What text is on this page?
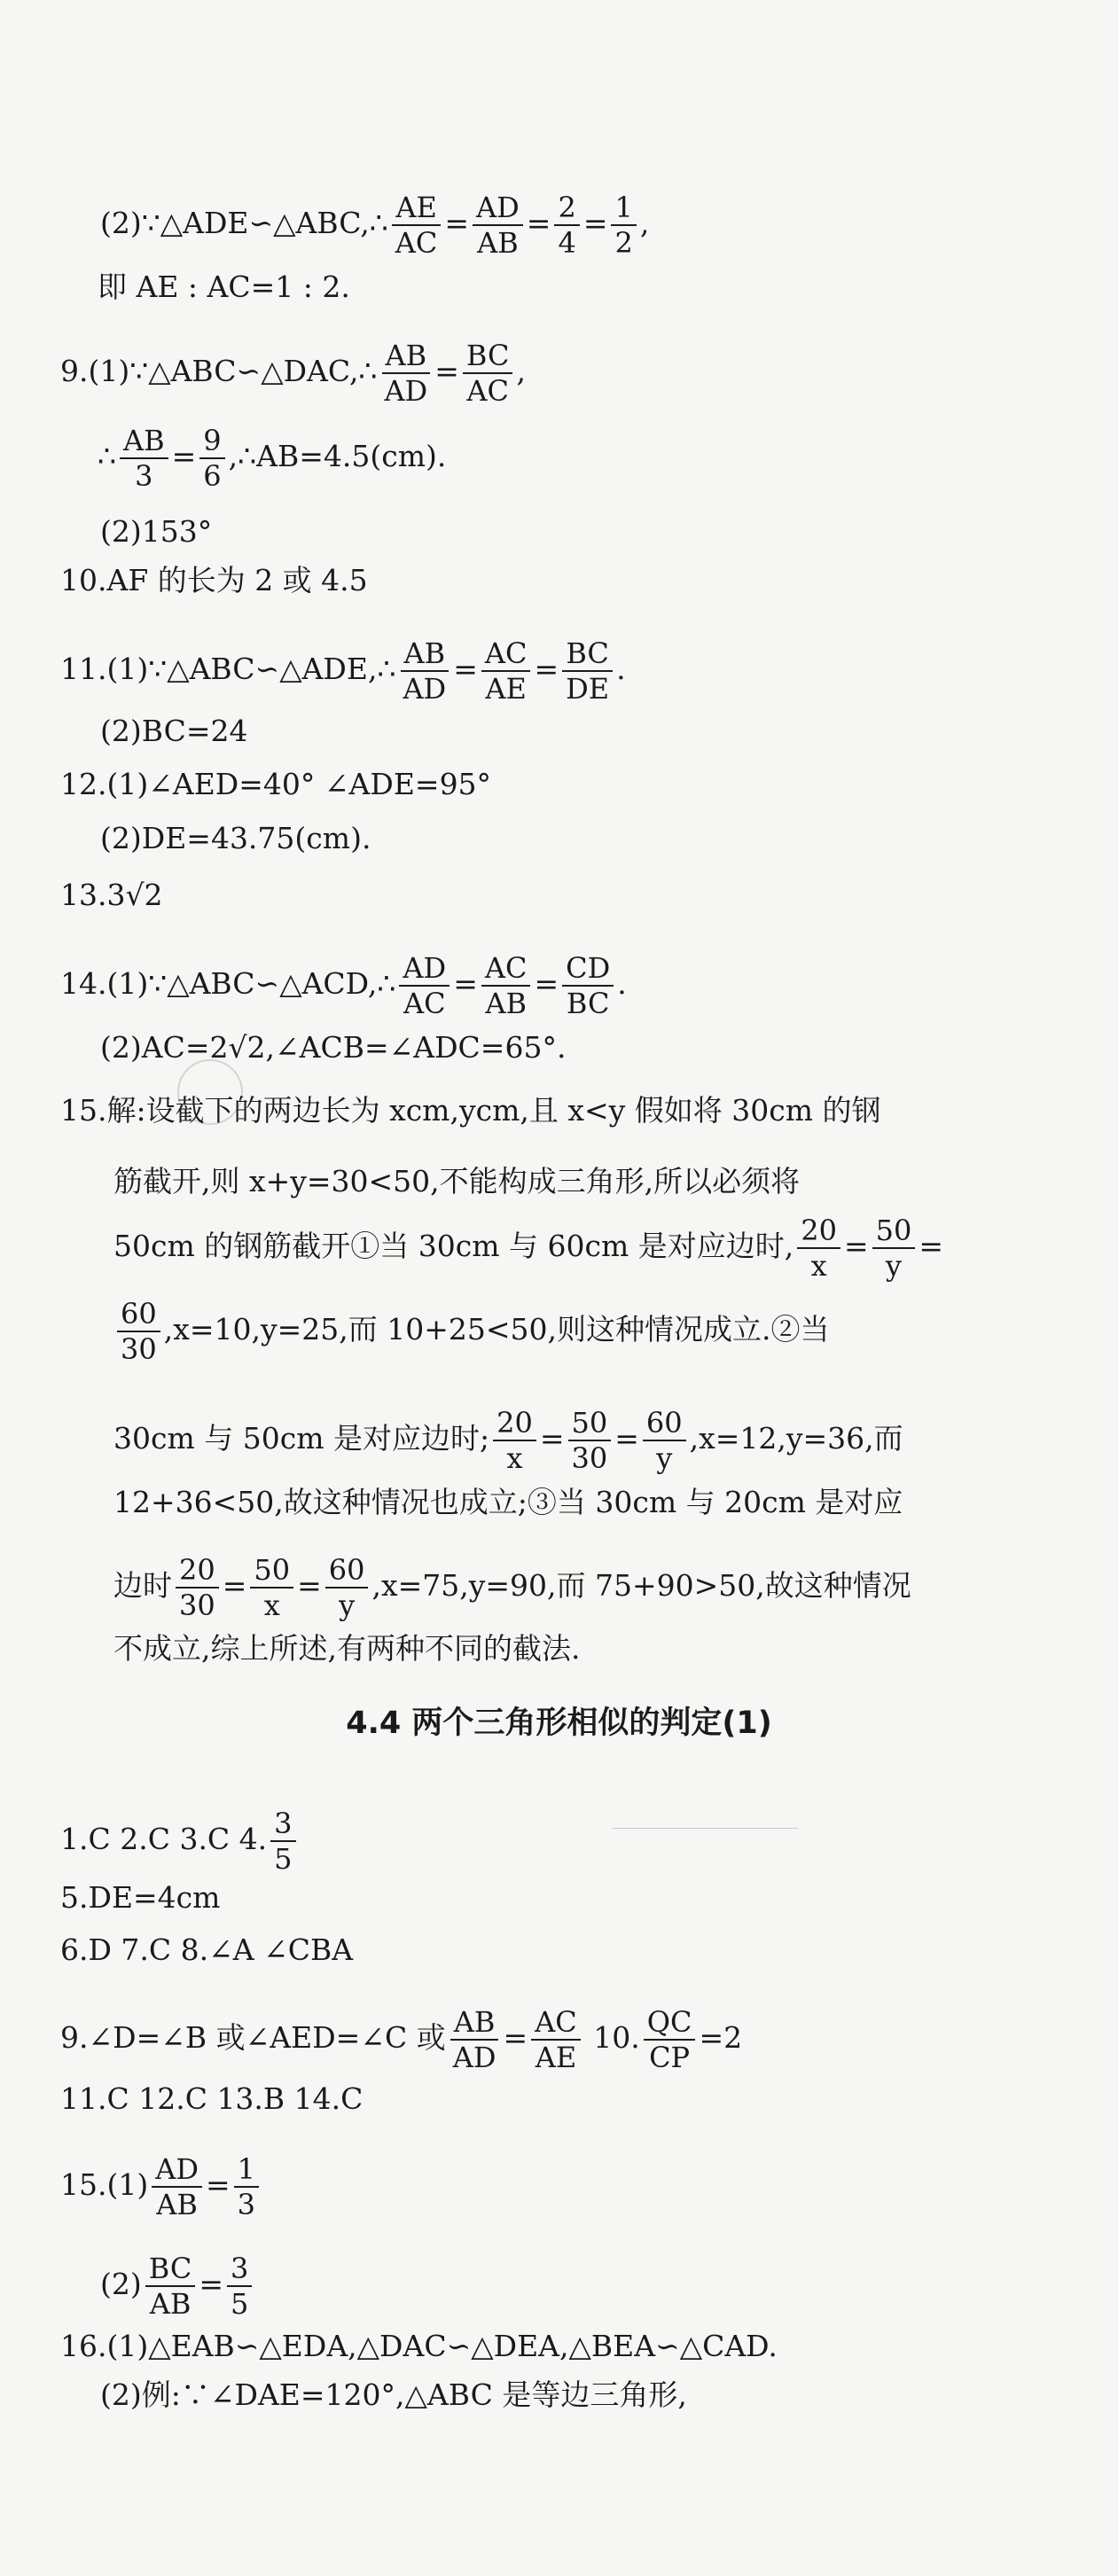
(2)∵△ADE∽△ABC,∴ $\frac{AE}{AC} = \frac{AD}{AB} = \frac{2}{4} = \frac{1}{2}$ ,
即 AE : AC=1 : 2.
9.(1)∵△ABC∽△DAC,∴ $\frac{AB}{AD} = \frac{BC}{AC}$ ,
∴ $\frac{AB}{3} = \frac{9}{6}$ ,∴AB=4.5(cm).
(2)153°
10.AF 的长为 2 或 4.5
11.(1)∵△ABC∽△ADE,∴ $\frac{AB}{AD} = \frac{AC}{AE} = \frac{BC}{DE}$ .
(2)BC=24
12.(1)∠AED=40° ∠ADE=95°
(2)DE=43.75(cm).
13.3√2
14.(1)∵△ABC∽△ACD,∴ $\frac{AD}{AC} = \frac{AC}{AB} = \frac{CD}{BC}$ .
(2)AC=2√2,∠ACB=∠ADC=65°.
15.解:设截下的两边长为 xcm,ycm,且 x<y 假如将 30cm 的钢
筋截开,则 x+y=30<50,不能构成三角形,所以必须将
50cm 的钢筋截开①当 30cm 与 60cm 是对应边时, $\frac{20}{x} = \frac{50}{y}$ =
$\frac{60}{30} ,x=10,y=25$,而 10+25<50,则这种情况成立.②当
30cm 与 50cm 是对应边时; $\frac{20}{x} = \frac{50}{30} = \frac{60}{y} ,x=12,y=36$,而
12+36<50,故这种情况也成立;③当 30cm 与 20cm 是对应
边时 $\frac{20}{30} = \frac{50}{x} = \frac{60}{y} ,x=75,y=90$,而 75+90>50,故这种情况
不成立,综上所述,有两种不同的截法.
4.4 两个三角形相似的判定(1)
1.C 2.C 3.C 4. $\frac{3}{5}$
5.DE=4cm
6.D 7.C 8.∠A ∠CBA
9.∠D=∠B 或∠AED=∠C 或 $\frac{AB}{AD} = \frac{AC}{AE} 10$. $\frac{QC}{CP} =2$
11.C 12.C 13.B 14.C
$15.(1) \frac{AD}{AB} = \frac{1}{3}$
$(2) \frac{BC}{AB} = \frac{3}{5}$
16.(1)△EAB∽△EDA,△DAC∽△DEA,△BEA∽△CAD.
(2)例:∵∠DAE=120°,△ABC 是等边三角形,
